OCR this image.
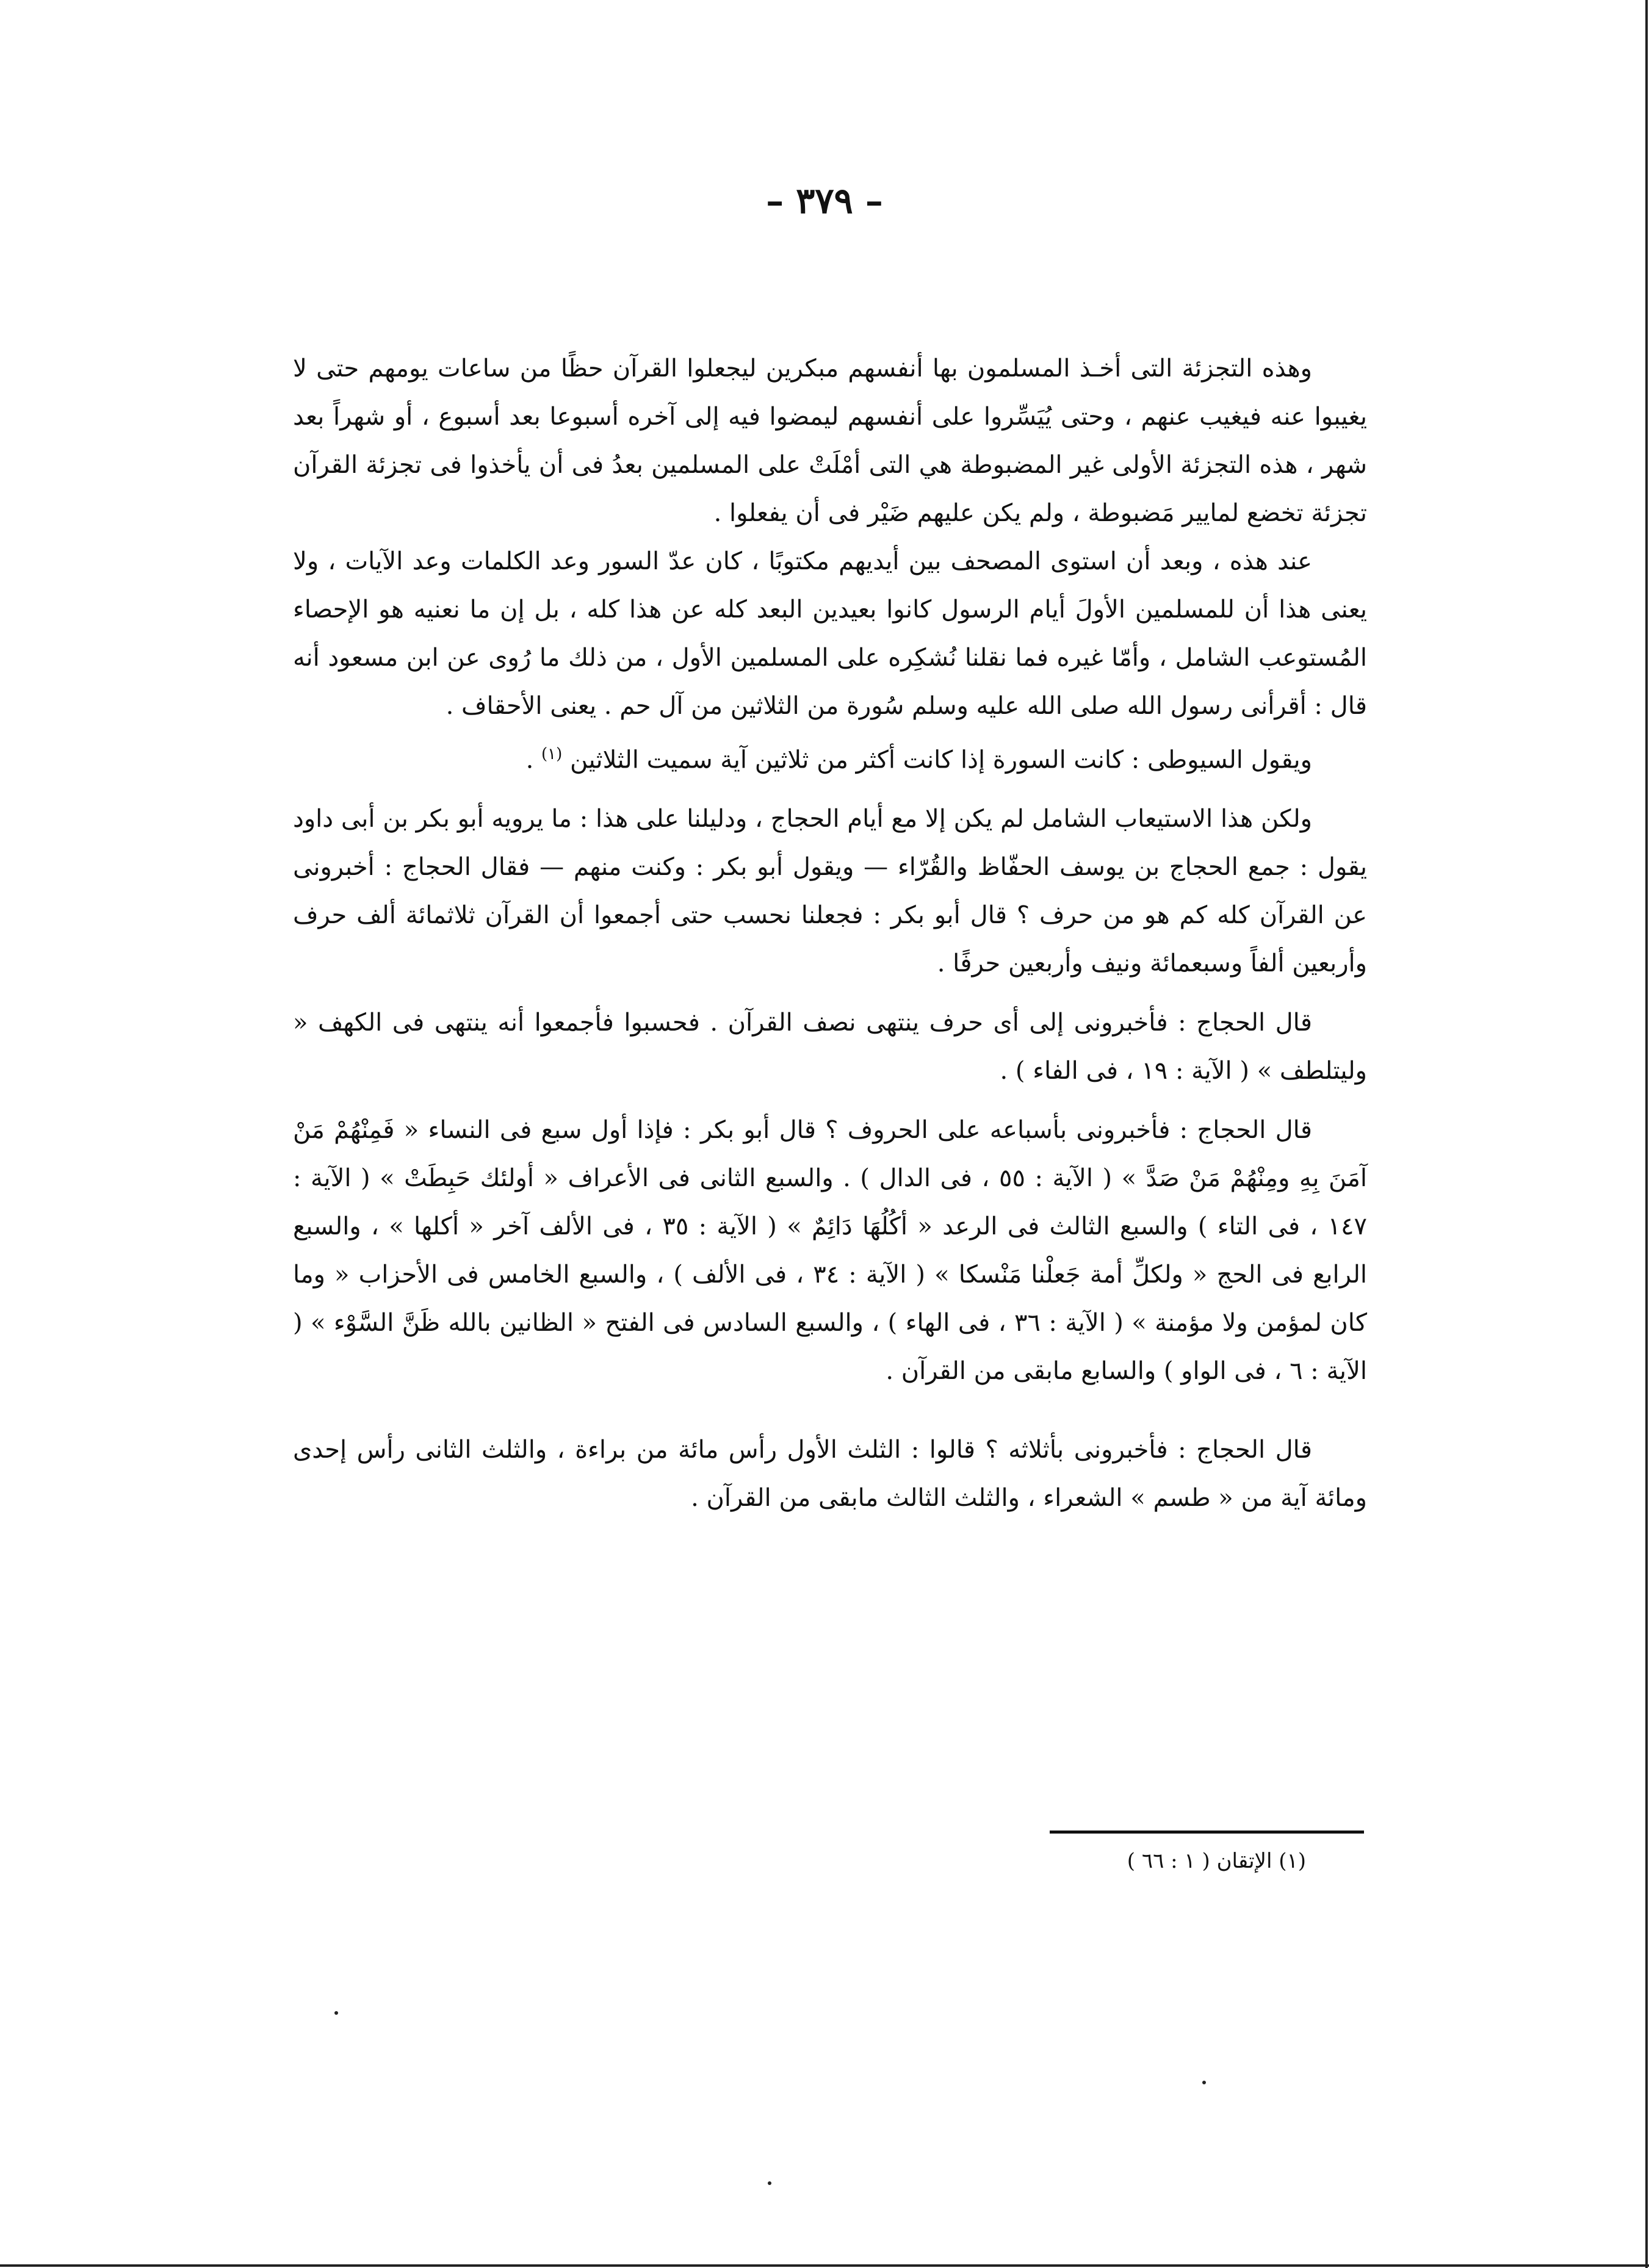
– ٣٧٩ –

وهذه التجزئة التى أخـذ المسلمون بها أنفسهم مبكرين ليجعلوا القرآن حظًا من ساعات يومهم حتى لا يغيبوا عنه فيغيب عنهم ، وحتى يُيَسِّروا على أنفسهم ليمضوا فيه إلى آخره أسبوعا بعد أسبوع ، أو شهراً بعد شهر ، هذه التجزئة الأولى غير المضبوطة هي التى أمْلَتْ على المسلمين بعدُ فى أن يأخذوا فى تجزئة القرآن تجزئة تخضع لمايير مَضبوطة ، ولم يكن عليهم ضَيْر فى أن يفعلوا .

عند هذه ، وبعد أن استوى المصحف بين أيديهم مكتوبًا ، كان عدّ السور وعد الكلمات وعد الآيات ، ولا يعنى هذا أن للمسلمين الأولَ أيام الرسول كانوا بعيدين البعد كله عن هذا كله ، بل إن ما نعنيه هو الإحصاء المُستوعب الشامل ، وأمّا غيره فما نقلنا نُشكِره على المسلمين الأول ، من ذلك ما رُوى عن ابن مسعود أنه قال : أقرأنى رسول الله صلى الله عليه وسلم سُورة من الثلاثين من آل حم . يعنى الأحقاف .

ويقول السيوطى : كانت السورة إذا كانت أكثر من ثلاثين آية سميت الثلاثين $^{(١)}$ .

ولكن هذا الاستيعاب الشامل لم يكن إلا مع أيام الحجاج ، ودليلنا على هذا : ما يرويه أبو بكر بن أبى داود يقول : جمع الحجاج بن يوسف الحفّاظ والقُرّاء — ويقول أبو بكر : وكنت منهم — فقال الحجاج : أخبرونى عن القرآن كله كم هو من حرف ؟ قال أبو بكر : فجعلنا نحسب حتى أجمعوا أن القرآن ثلاثمائة ألف حرف وأربعين ألفاً وسبعمائة ونيف وأربعين حرفًا .

قال الحجاج : فأخبرونى إلى أى حرف ينتهى نصف القرآن . فحسبوا فأجمعوا أنه ينتهى فى الكهف « وليتلطف » ( الآية : ١٩ ، فى الفاء ) .

قال الحجاج : فأخبرونى بأسباعه على الحروف ؟ قال أبو بكر : فإذا أول سبع فى النساء « فَمِنْهُمْ مَنْ آمَنَ بِهِ ومِنْهُمْ مَنْ صَدَّ » ( الآية : ٥٥ ، فى الدال ) . والسبع الثانى فى الأعراف « أولئك حَبِطَتْ » ( الآية : ١٤٧ ، فى التاء ) والسبع الثالث فى الرعد « أكُلُهَا دَائِمٌ » ( الآية : ٣٥ ، فى الألف آخر « أكلها » ، والسبع الرابع فى الحج « ولكلِّ أمة جَعلْنا مَنْسكا » ( الآية : ٣٤ ، فى الألف ) ، والسبع الخامس فى الأحزاب « وما كان لمؤمن ولا مؤمنة » ( الآية : ٣٦ ، فى الهاء ) ، والسبع السادس فى الفتح « الظانين بالله ظَنَّ السَّوْء » ( الآية : ٦ ، فى الواو ) والسابع مابقى من القرآن .

قال الحجاج : فأخبرونى بأثلاثه ؟ قالوا : الثلث الأول رأس مائة من براءة ، والثلث الثانى رأس إحدى ومائة آية من « طسم » الشعراء ، والثلث الثالث مابقى من القرآن .

(١) الإتقان ( ١ : ٦٦ )
